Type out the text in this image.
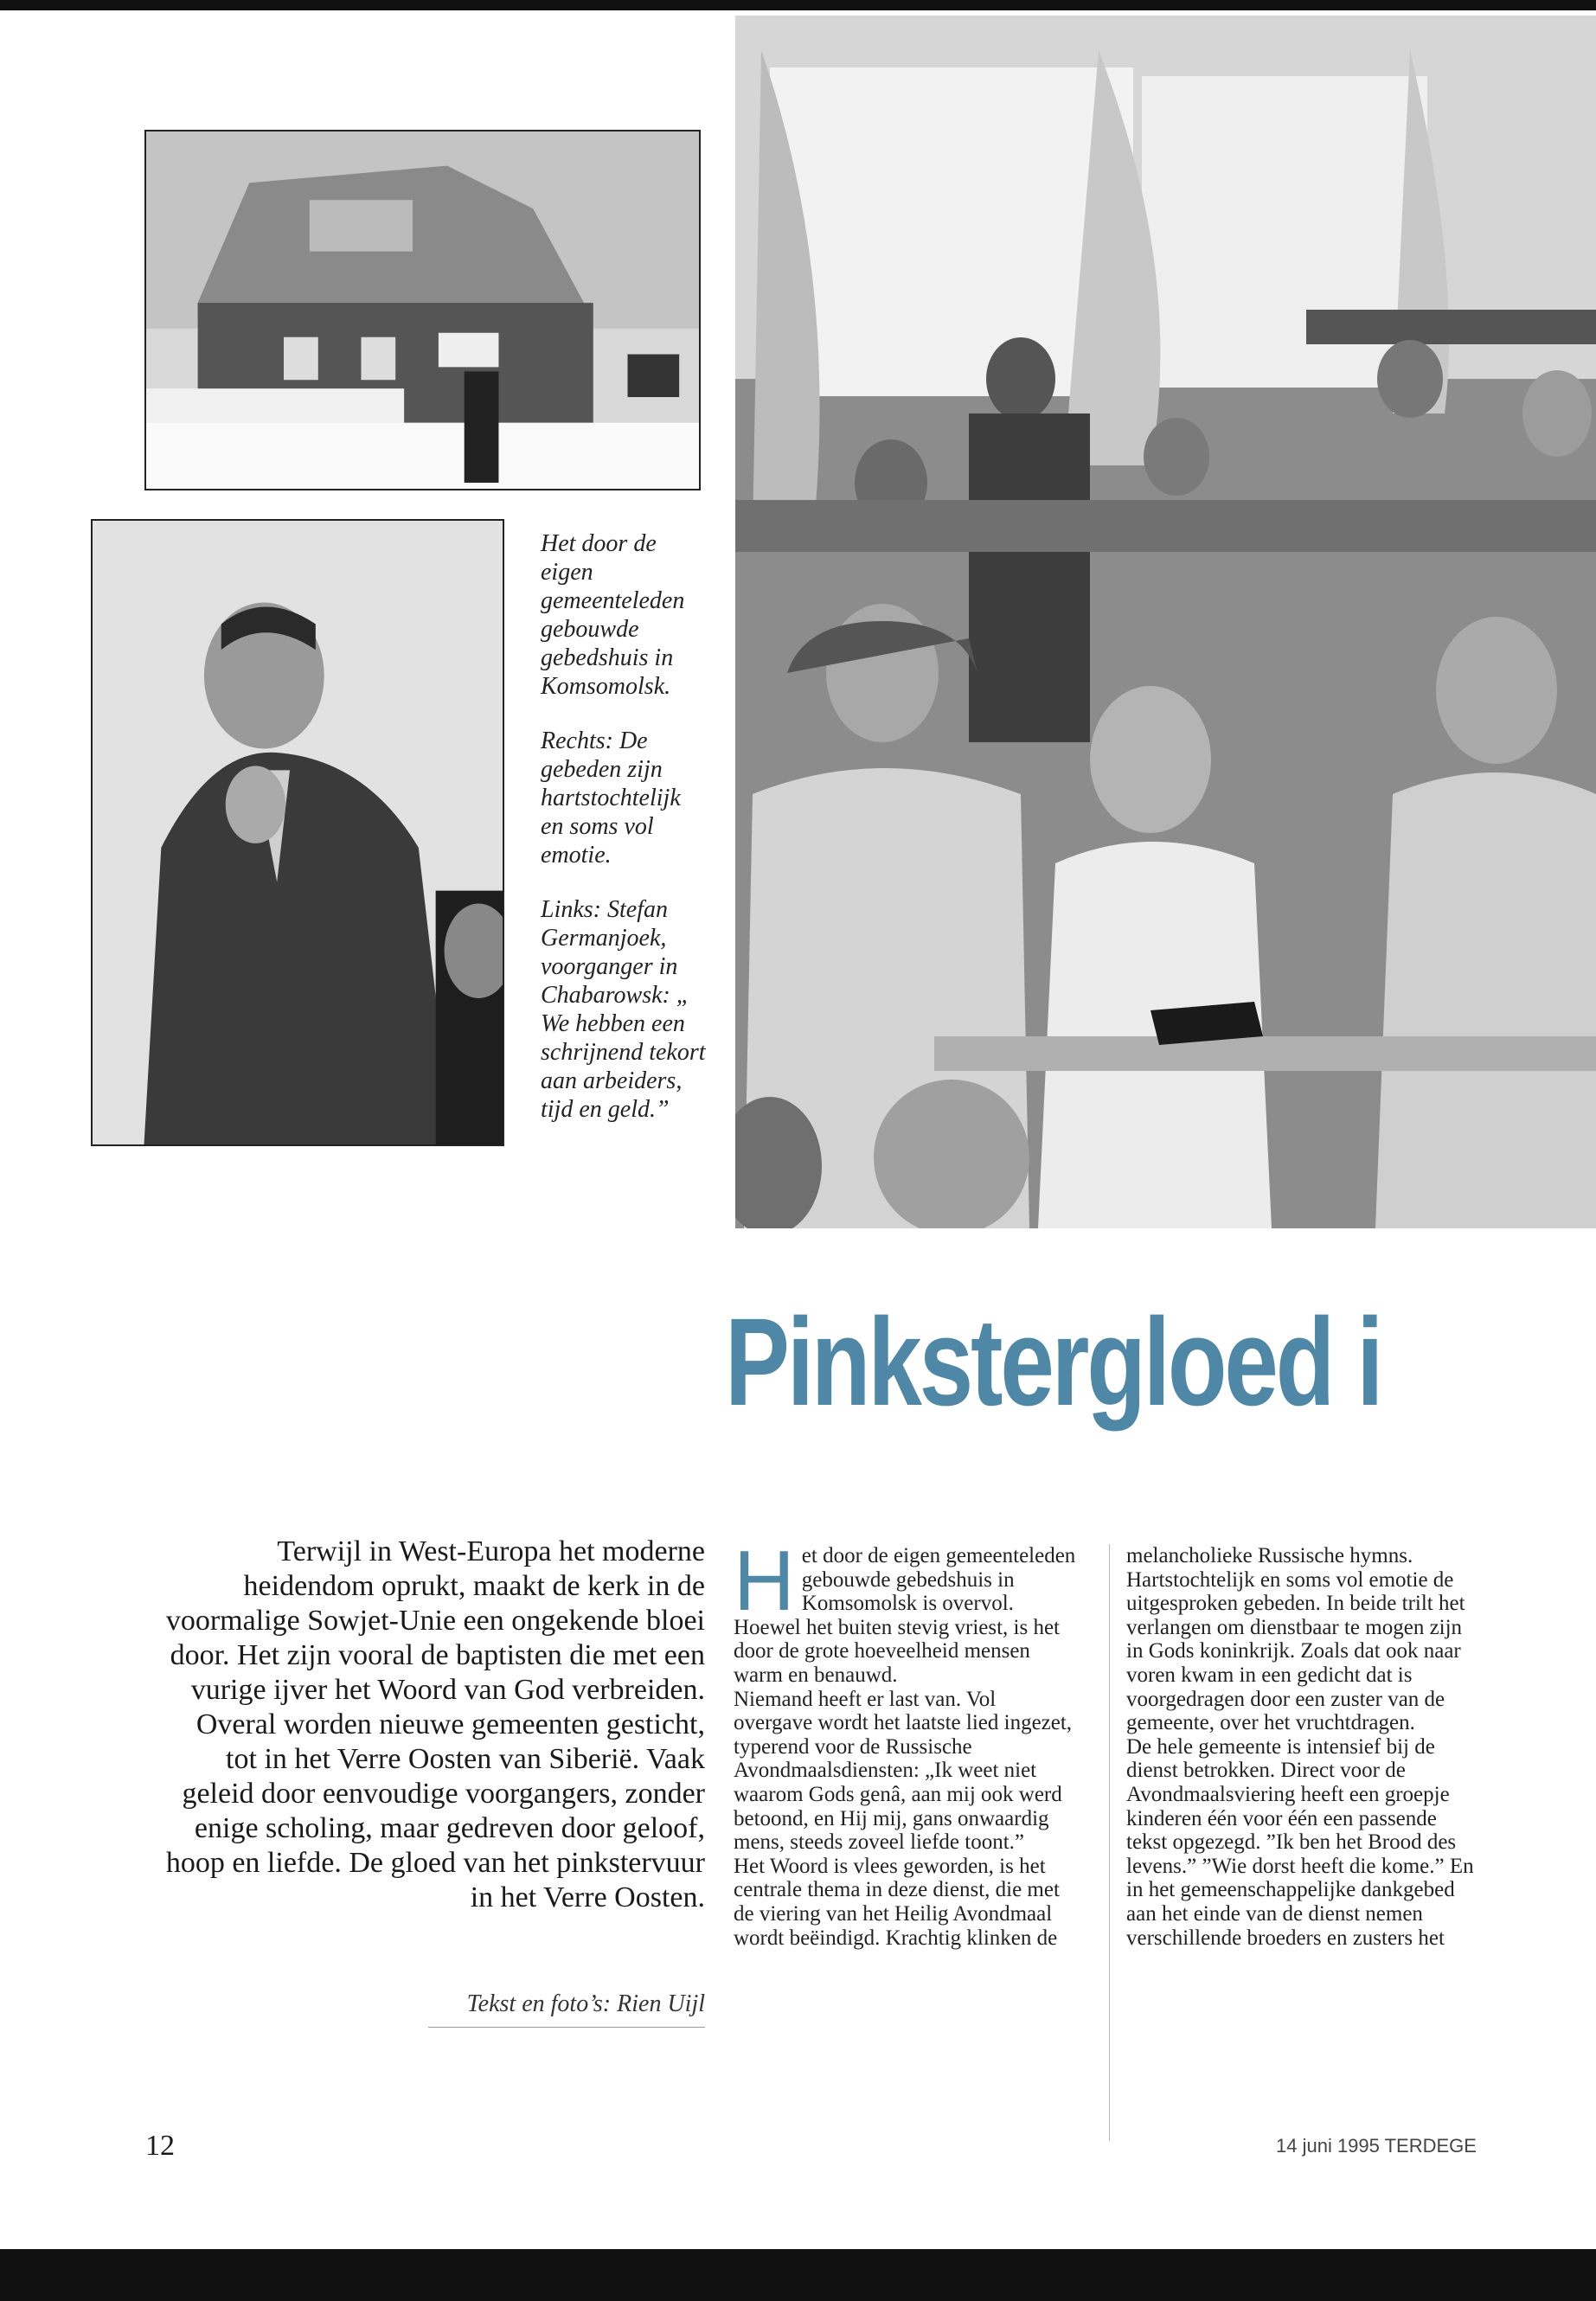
Het door de eigen gemeenteleden gebouwde gebedshuis in Komsomolsk.

Rechts: De gebeden zijn hartstochtelijk en soms vol emotie.

Links: Stefan Germanjoek, voorganger in Chabarowsk: „ We hebben een schrijnend tekort aan arbeiders, tijd en geld.”

Pinkstergloed i
Terwijl in West-Europa het moderne heidendom oprukt, maakt de kerk in de voormalige Sowjet-Unie een ongekende bloei door. Het zijn vooral de baptisten die met een vurige ijver het Woord van God verbreiden. Overal worden nieuwe gemeenten gesticht, tot in het Verre Oosten van Siberië. Vaak geleid door eenvoudige voorgangers, zonder enige scholing, maar gedreven door geloof, hoop en liefde. De gloed van het pinkstervuur in het Verre Oosten.
Tekst en foto’s: Rien Uijl

Het door de eigen gemeenteleden gebouwde gebedshuis in Komsomolsk is overvol. Hoewel het buiten stevig vriest, is het door de grote hoeveelheid mensen warm en benauwd.

Niemand heeft er last van. Vol overgave wordt het laatste lied ingezet, typerend voor de Russische Avondmaalsdiensten: „Ik weet niet waarom Gods genâ, aan mij ook werd betoond, en Hij mij, gans onwaardig mens, steeds zoveel liefde toont.”

Het Woord is vlees geworden, is het centrale thema in deze dienst, die met de viering van het Heilig Avondmaal wordt beëindigd. Krachtig klinken de

melancholieke Russische hymns. Hartstochtelijk en soms vol emotie de uitgesproken gebeden. In beide trilt het verlangen om dienstbaar te mogen zijn in Gods koninkrijk. Zoals dat ook naar voren kwam in een gedicht dat is voorgedragen door een zuster van de gemeente, over het vruchtdragen.

De hele gemeente is intensief bij de dienst betrokken. Direct voor de Avondmaalsviering heeft een groepje kinderen één voor één een passende tekst opgezegd. ”Ik ben het Brood des levens.” ”Wie dorst heeft die kome.” En in het gemeenschappelijke dankgebed aan het einde van de dienst nemen verschillende broeders en zusters het

12	14 juni 1995 TERDEGE
